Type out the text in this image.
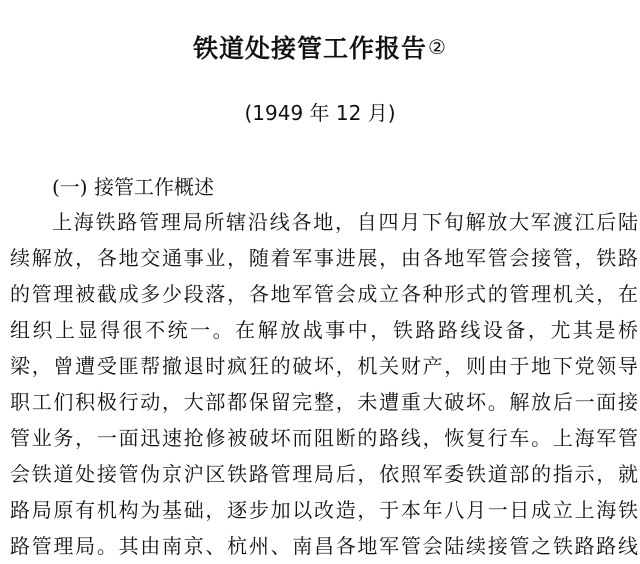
铁道处接管工作报告②
(1949 年 12 月)
(一) 接管工作概述
上海铁路管理局所辖沿线各地，自四月下旬解放大军渡江后陆
续解放，各地交通事业，随着军事进展，由各地军管会接管，铁路
的管理被截成多少段落，各地军管会成立各种形式的管理机关，在
组织上显得很不统一。在解放战事中，铁路路线设备，尤其是桥
梁，曾遭受匪帮撤退时疯狂的破坏，机关财产，则由于地下党领导
职工们积极行动，大部都保留完整，未遭重大破坏。解放后一面接
管业务，一面迅速抢修被破坏而阻断的路线，恢复行车。上海军管
会铁道处接管伪京沪区铁路管理局后，依照军委铁道部的指示，就
路局原有机构为基础，逐步加以改造，于本年八月一日成立上海铁
路管理局。其由南京、杭州、南昌各地军管会陆续接管之铁路路线
